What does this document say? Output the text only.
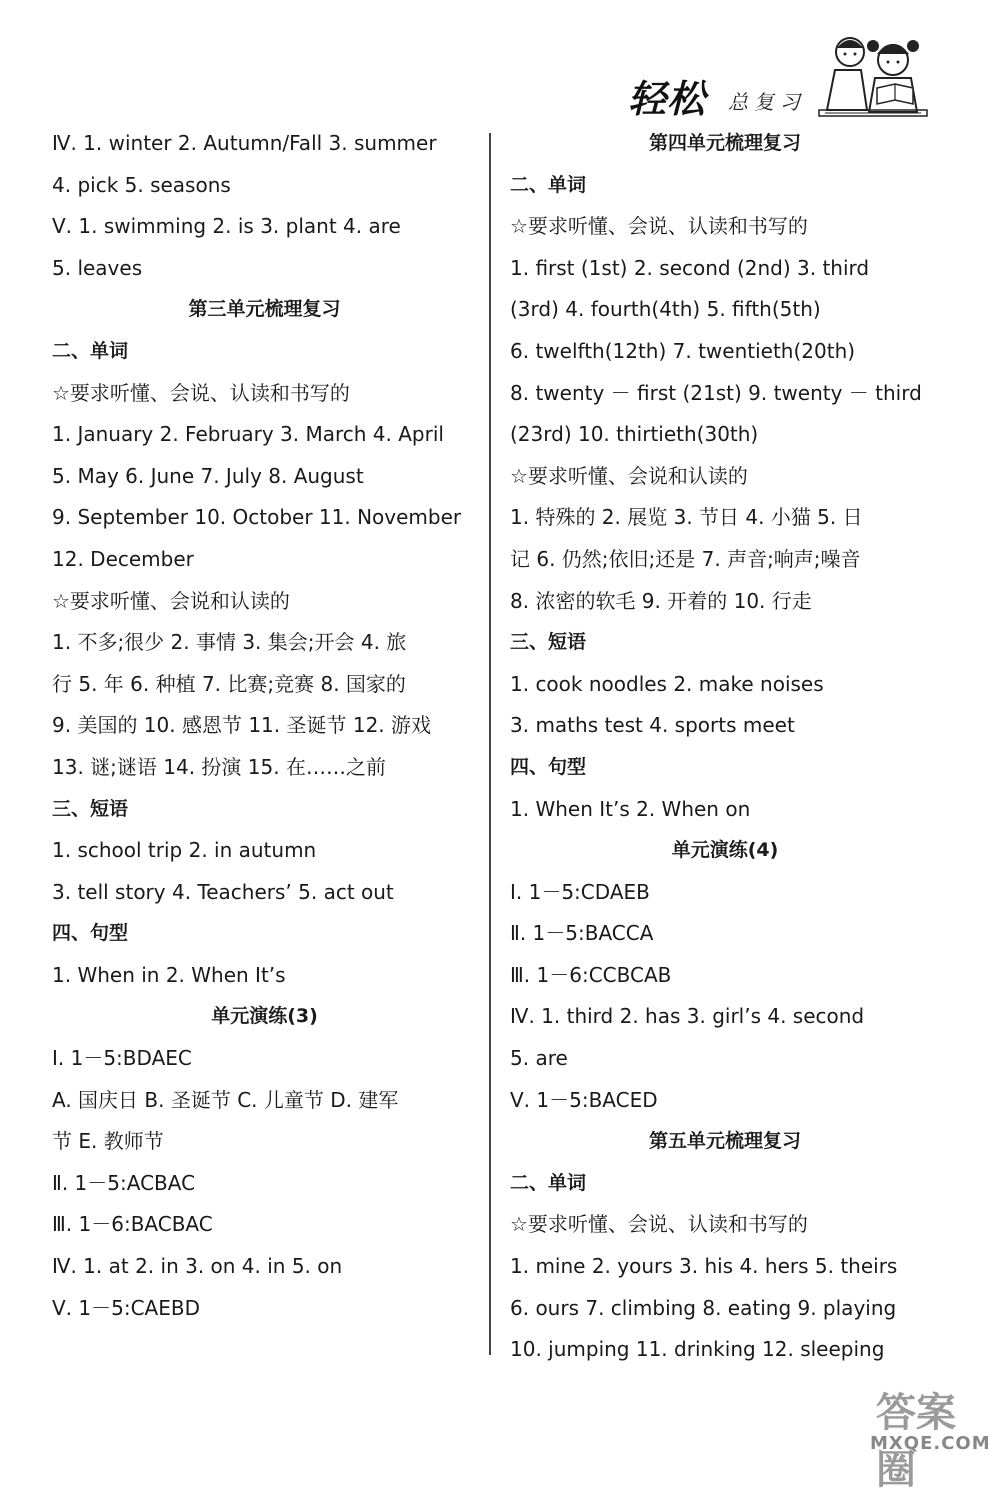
轻松 总复习
Ⅳ. 1. winter 2. Autumn/Fall 3. summer
4. pick 5. seasons
Ⅴ. 1. swimming 2. is 3. plant 4. are
5. leaves
第三单元梳理复习
二、单词
☆要求听懂、会说、认读和书写的
1. January 2. February 3. March 4. April
5. May 6. June 7. July 8. August
9. September 10. October 11. November
12. December
☆要求听懂、会说和认读的
1. 不多;很少 2. 事情 3. 集会;开会 4. 旅
行 5. 年 6. 种植 7. 比赛;竞赛 8. 国家的
9. 美国的 10. 感恩节 11. 圣诞节 12. 游戏
13. 谜;谜语 14. 扮演 15. 在……之前
三、短语
1. school trip 2. in autumn
3. tell story 4. Teachers’ 5. act out
四、句型
1. When in 2. When It’s
单元演练(3)
Ⅰ. 1－5:BDAEC
A. 国庆日 B. 圣诞节 C. 儿童节 D. 建军
节 E. 教师节
Ⅱ. 1－5:ACBAC
Ⅲ. 1－6:BACBAC
Ⅳ. 1. at 2. in 3. on 4. in 5. on
Ⅴ. 1－5:CAEBD
第四单元梳理复习
二、单词
☆要求听懂、会说、认读和书写的
1. first (1st) 2. second (2nd) 3. third
(3rd) 4. fourth(4th) 5. fifth(5th)
6. twelfth(12th) 7. twentieth(20th)
8. twenty － first (21st) 9. twenty － third
(23rd) 10. thirtieth(30th)
☆要求听懂、会说和认读的
1. 特殊的 2. 展览 3. 节日 4. 小猫 5. 日
记 6. 仍然;依旧;还是 7. 声音;响声;噪音
8. 浓密的软毛 9. 开着的 10. 行走
三、短语
1. cook noodles 2. make noises
3. maths test 4. sports meet
四、句型
1. When It’s 2. When on
单元演练(4)
Ⅰ. 1－5:CDAEB
Ⅱ. 1－5:BACCA
Ⅲ. 1－6:CCBCAB
Ⅳ. 1. third 2. has 3. girl’s 4. second
5. are
Ⅴ. 1－5:BACED
第五单元梳理复习
二、单词
☆要求听懂、会说、认读和书写的
1. mine 2. yours 3. his 4. hers 5. theirs
6. ours 7. climbing 8. eating 9. playing
10. jumping 11. drinking 12. sleeping
答案圈
MXQE.COM
